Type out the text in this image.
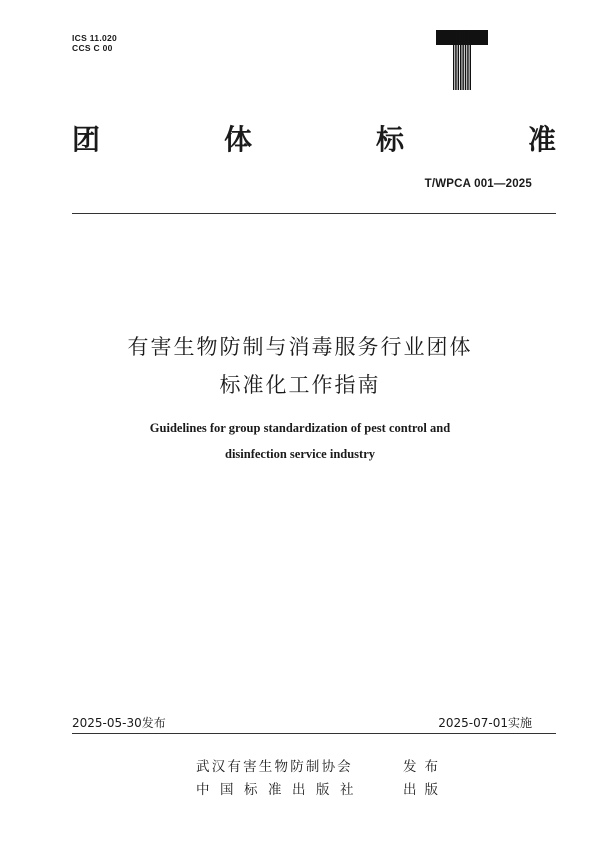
ICS 11.020
CCS C 00
团	体	标	准
T/WPCA 001—2025
有害生物防制与消毒服务行业团体
标准化工作指南
Guidelines for group standardization of pest control and
disinfection service industry
2025-05-30发布	2025-07-01实施
武汉有害生物防制协会	发布
中国标准出版社	出版
